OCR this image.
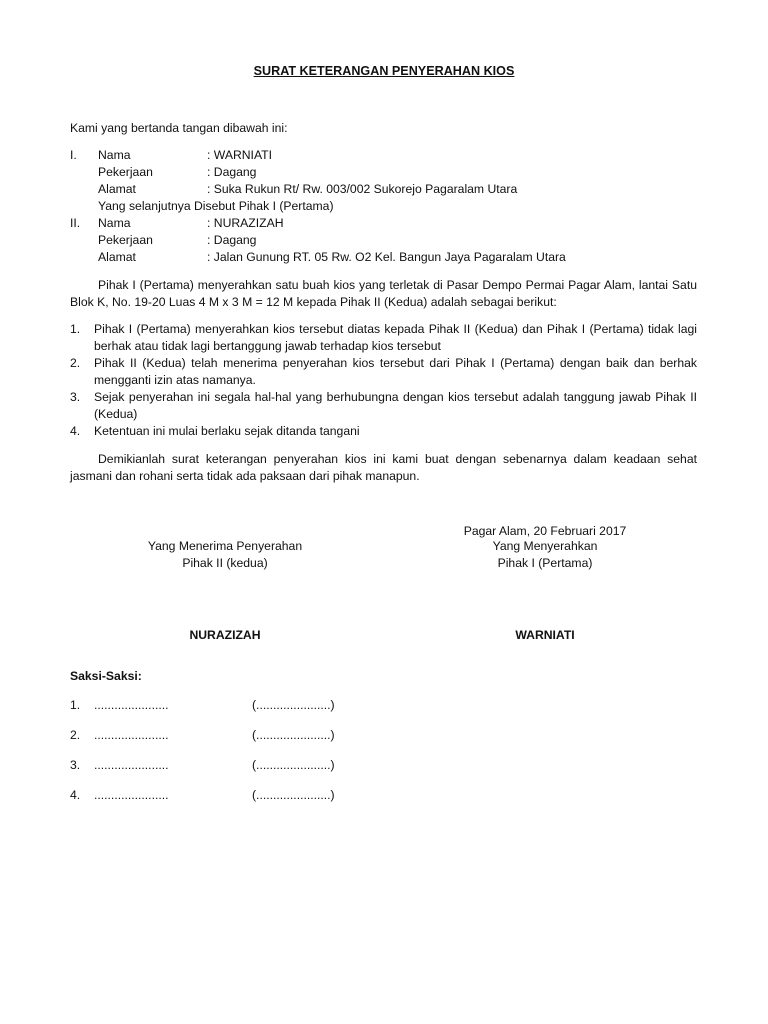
SURAT KETERANGAN PENYERAHAN KIOS
Kami yang bertanda tangan dibawah ini:
I.	Nama	: WARNIATI
Pekerjaan	: Dagang
Alamat	: Suka Rukun Rt/ Rw. 003/002 Sukorejo Pagaralam Utara
Yang selanjutnya Disebut Pihak I (Pertama)
II.	Nama	: NURAZIZAH
Pekerjaan	: Dagang
Alamat	: Jalan Gunung RT. 05 Rw. O2 Kel. Bangun Jaya Pagaralam Utara

Pihak I (Pertama) menyerahkan satu buah kios yang terletak di Pasar Dempo Permai Pagar Alam, lantai Satu Blok K, No. 19-20 Luas 4 M x 3 M = 12 M kepada Pihak II (Kedua) adalah sebagai berikut:

1.	Pihak I (Pertama) menyerahkan kios tersebut diatas kepada Pihak II (Kedua) dan Pihak I (Pertama) tidak lagi berhak atau tidak lagi bertanggung jawab terhadap kios tersebut
2.	Pihak II (Kedua) telah menerima penyerahan kios tersebut dari Pihak I (Pertama) dengan baik dan berhak mengganti izin atas namanya.
3.	Sejak penyerahan ini segala hal-hal yang berhubungna dengan kios tersebut adalah tanggung jawab Pihak II (Kedua)
4.	Ketentuan ini mulai berlaku sejak ditanda tangani

Demikianlah surat keterangan penyerahan kios ini kami buat dengan sebenarnya dalam keadaan sehat jasmani dan rohani serta tidak ada paksaan dari pihak manapun.

Pagar Alam, 20 Februari 2017
Yang Menerima Penyerahan
Pihak II (kedua)
Yang Menyerahkan
Pihak I (Pertama)
NURAZIZAH	WARNIATI
Saksi-Saksi:
1.	......................	(......................)
2.	......................	(......................)
3.	......................	(......................)
4.	......................	(......................)
